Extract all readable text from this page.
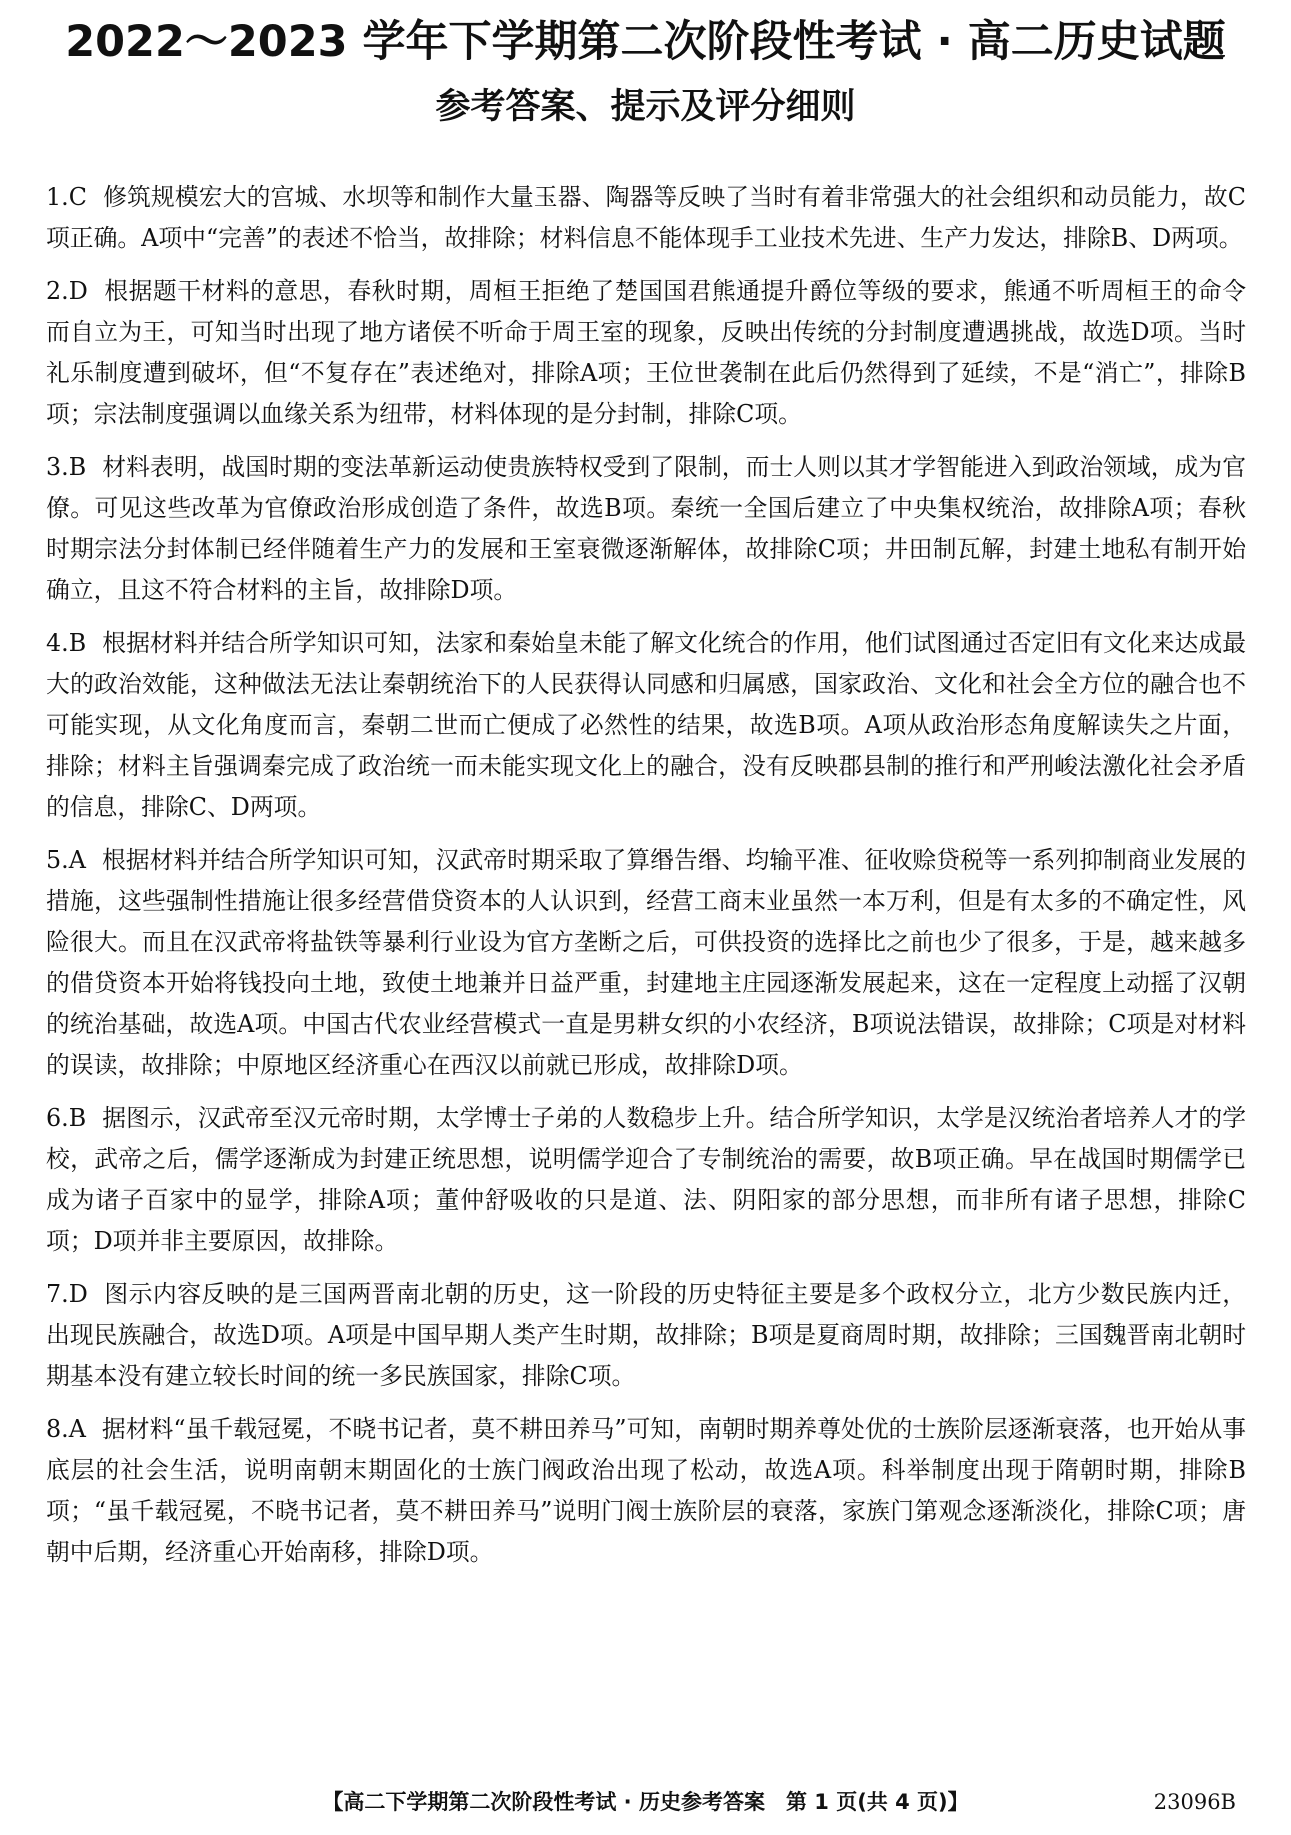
2022～2023 学年下学期第二次阶段性考试 · 高二历史试题
参考答案、提示及评分细则

1.C 修筑规模宏大的宫城、水坝等和制作大量玉器、陶器等反映了当时有着非常强大的社会组织和动员能力，故C项正确。A项中“完善”的表述不恰当，故排除；材料信息不能体现手工业技术先进、生产力发达，排除B、D两项。

2.D 根据题干材料的意思，春秋时期，周桓王拒绝了楚国国君熊通提升爵位等级的要求，熊通不听周桓王的命令而自立为王，可知当时出现了地方诸侯不听命于周王室的现象，反映出传统的分封制度遭遇挑战，故选D项。当时礼乐制度遭到破坏，但“不复存在”表述绝对，排除A项；王位世袭制在此后仍然得到了延续，不是“消亡”，排除B项；宗法制度强调以血缘关系为纽带，材料体现的是分封制，排除C项。

3.B 材料表明，战国时期的变法革新运动使贵族特权受到了限制，而士人则以其才学智能进入到政治领域，成为官僚。可见这些改革为官僚政治形成创造了条件，故选B项。秦统一全国后建立了中央集权统治，故排除A项；春秋时期宗法分封体制已经伴随着生产力的发展和王室衰微逐渐解体，故排除C项；井田制瓦解，封建土地私有制开始确立，且这不符合材料的主旨，故排除D项。

4.B 根据材料并结合所学知识可知，法家和秦始皇未能了解文化统合的作用，他们试图通过否定旧有文化来达成最大的政治效能，这种做法无法让秦朝统治下的人民获得认同感和归属感，国家政治、文化和社会全方位的融合也不可能实现，从文化角度而言，秦朝二世而亡便成了必然性的结果，故选B项。A项从政治形态角度解读失之片面，排除；材料主旨强调秦完成了政治统一而未能实现文化上的融合，没有反映郡县制的推行和严刑峻法激化社会矛盾的信息，排除C、D两项。

5.A 根据材料并结合所学知识可知，汉武帝时期采取了算缗告缗、均输平准、征收赊贷税等一系列抑制商业发展的措施，这些强制性措施让很多经营借贷资本的人认识到，经营工商末业虽然一本万利，但是有太多的不确定性，风险很大。而且在汉武帝将盐铁等暴利行业设为官方垄断之后，可供投资的选择比之前也少了很多，于是，越来越多的借贷资本开始将钱投向土地，致使土地兼并日益严重，封建地主庄园逐渐发展起来，这在一定程度上动摇了汉朝的统治基础，故选A项。中国古代农业经营模式一直是男耕女织的小农经济，B项说法错误，故排除；C项是对材料的误读，故排除；中原地区经济重心在西汉以前就已形成，故排除D项。

6.B 据图示，汉武帝至汉元帝时期，太学博士子弟的人数稳步上升。结合所学知识，太学是汉统治者培养人才的学校，武帝之后，儒学逐渐成为封建正统思想，说明儒学迎合了专制统治的需要，故B项正确。早在战国时期儒学已成为诸子百家中的显学，排除A项；董仲舒吸收的只是道、法、阴阳家的部分思想，而非所有诸子思想，排除C项；D项并非主要原因，故排除。

7.D 图示内容反映的是三国两晋南北朝的历史，这一阶段的历史特征主要是多个政权分立，北方少数民族内迁，出现民族融合，故选D项。A项是中国早期人类产生时期，故排除；B项是夏商周时期，故排除；三国魏晋南北朝时期基本没有建立较长时间的统一多民族国家，排除C项。

8.A 据材料“虽千载冠冕，不晓书记者，莫不耕田养马”可知，南朝时期养尊处优的士族阶层逐渐衰落，也开始从事底层的社会生活，说明南朝末期固化的士族门阀政治出现了松动，故选A项。科举制度出现于隋朝时期，排除B项；“虽千载冠冕，不晓书记者，莫不耕田养马”说明门阀士族阶层的衰落，家族门第观念逐渐淡化，排除C项；唐朝中后期，经济重心开始南移，排除D项。

【高二下学期第二次阶段性考试 · 历史参考答案　第 1 页(共 4 页)】	23096B
